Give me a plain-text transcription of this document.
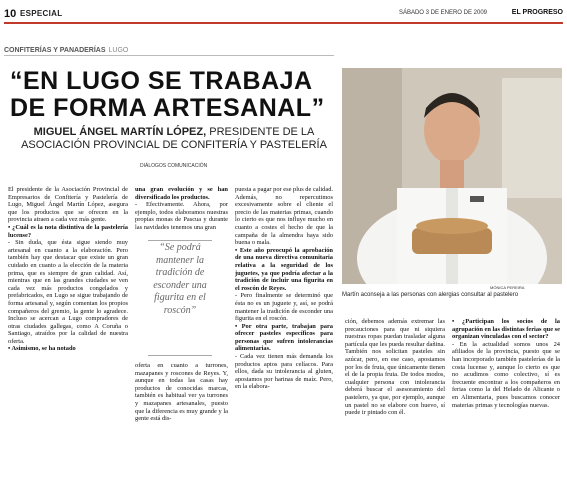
10 ESPECIAL	SÁBADO 3 DE ENERO DE 2009	EL PROGRESO
CONFITERÍAS Y PANADERÍAS LUGO
“EN LUGO SE TRABAJA DE FORMA ARTESANAL”
MIGUEL ÁNGEL MARTÍN LÓPEZ, PRESIDENTE DE LA ASOCIACIÓN PROVINCIAL DE CONFITERÍA Y PASTELERÍA
DIÁLOGOS COMUNICACIÓN
MÓNICA PEREIRA
Martín aconseja a las personas con alergias consultar al pastelero

El presidente de la Asociación Provincial de Empresarios de Confitería y Pastelería de Lugo, Miguel Ángel Martín López, asegura que los productos que se ofrecen en la provincia atraen a cada vez más gente.

• ¿Cuál es la nota distintiva de la pastelería lucense?

- Sin duda, que ésta sigue siendo muy artesanal en cuanto a la elaboración. Pero también hay que destacar que existe un gran cuidado en cuanto a la elección de la materia prima, que es siempre de gran calidad. Así, mientras que en las grandes ciudades se ven cada vez más productos congelados y prefabricados, en Lugo se sigue trabajando de forma artesanal y, según comentan los propios compañeros del gremio, la gente lo agradece. Incluso se acercan a Lugo compradores de otras ciudades gallegas, como A Coruña o Santiago, atraídos por la calidad de nuestra oferta.

• Asimismo, se ha notado

una gran evolución y se han diversificado los productos.

- Efectivamente. Ahora, por ejemplo, todos elaboramos nuestras propias monas de Pascua y durante las navidades tenemos una gran

“Se podrá mantener la tradición de esconder una figurita en el roscón”

oferta en cuanto a turrones, mazapanes y roscones de Reyes. Y, aunque en todas las casas hay productos de conocidas marcas, también es habitual ver ya turrones y mazapanes artesanales, puesto que la diferencia es muy grande y la gente está dis-

puesta a pagar por ese plus de calidad. Además, no repercutimos excesivamente sobre el cliente el precio de las materias primas, cuando lo cierto es que nos influye mucho en cuanto a costes el hecho de que la campaña de la almendra haya sido buena o mala.

• Este año preocupó la aprobación de una nueva directiva comunitaria relativa a la seguridad de los juguetes, ya que podría afectar a la tradición de incluir una figurita en el roscón de Reyes.

- Pero finalmente se determinó que ésta no es un juguete y, así, se podrá mantener la tradición de esconder una figurita en el roscón.

• Por otra parte, trabajan para ofrecer pasteles específicos para personas que sufren intolerancias alimentarias.

- Cada vez tienen más demanda los productos aptos para celíacos. Para ellos, dada su intolerancia al gluten, apostamos por harinas de maíz. Pero, en la elabora-

ción, debemos además extremar las precauciones para que ni siquiera nuestras ropas puedan trasladar alguna partícula que les pueda resultar dañina. También nos solicitan pasteles sin azúcar, pero, en ese caso, apostamos por los de fruta, que únicamente tienen el de la propia fruta. De todos modos, cualquier persona con intolerancia deberá buscar el asesoramiento del pastelero, ya que, por ejemplo, aunque un pastel no se elabore con huevo, sí puede ir pintado con él.

• ¿Participan los socios de la agrupación en las distintas ferias que se organizan vinculadas con el sector?

- En la actualidad somos unos 24 afiliados de la provincia, puesto que se han incorporado también pastelerías de la costa lucense y, aunque lo cierto es que no acudimos como colectivo, sí es frecuente encontrar a los compañeros en ferias como la del Helado de Alicante o en Alimentaria, pues buscamos conocer materias primas y tecnologías nuevas.
